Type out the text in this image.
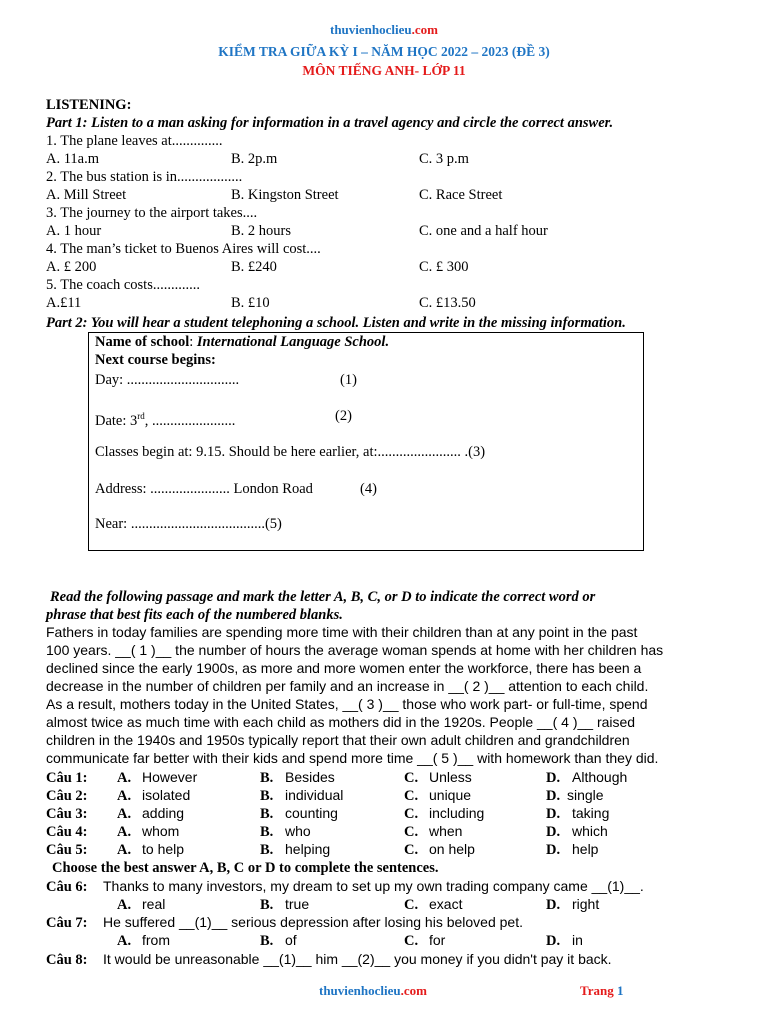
thuvienhoclieu.com
KIỂM TRA GIỮA KỲ I – NĂM HỌC 2022 – 2023 (ĐỀ 3)
MÔN TIẾNG ANH- LỚP 11
LISTENING:
Part 1: Listen to a man asking for information in a travel agency and circle the correct answer.
1. The plane leaves at..............
A. 11a.m	B. 2p.m	C. 3 p.m
2. The bus station is in..................
A. Mill Street	B. Kingston Street	C. Race Street
3. The journey to the airport takes....
A. 1 hour	B. 2 hours	C. one and a half hour
4. The man’s ticket to Buenos Aires will cost....
A. £ 200	B. £240	C. £ 300
5. The coach costs.............
A.£11	B. £10	C. £13.50
Part 2: You will hear a student telephoning a school. Listen and write in the missing information.
Name of school: International Language School.
Next course begins:
Day: ...............................	(1)
Date: 3rd, .......................	(2)
Classes begin at: 9.15. Should be here earlier, at:....................... .(3)
Address: ...................... London Road	(4)
Near: .....................................(5)
Read the following passage and mark the letter A, B, C, or D to indicate the correct word or
phrase that best fits each of the numbered blanks.
Fathers in today families are spending more time with their children than at any point in the past
100 years. __( 1 )__ the number of hours the average woman spends at home with her children has
declined since the early 1900s, as more and more women enter the workforce, there has been a
decrease in the number of children per family and an increase in __( 2 )__ attention to each child.
As a result, mothers today in the United States, __( 3 )__ those who work part- or full-time, spend
almost twice as much time with each child as mothers did in the 1920s. People __( 4 )__ raised
children in the 1940s and 1950s typically report that their own adult children and grandchildren
communicate far better with their kids and spend more time __( 5 )__ with homework than they did.
Câu 1: A. However	B. Besides	C. Unless	D. Although
Câu 2: A. isolated	B. individual	C. unique	D. single
Câu 3: A. adding	B. counting	C. including	D. taking
Câu 4: A. whom	B. who	C. when	D. which
Câu 5: A. to help	B. helping	C. on help	D. help
Choose the best answer A, B, C or D to complete the sentences.
Câu 6: Thanks to many investors, my dream to set up my own trading company came __(1)__.
A. real	B. true	C. exact	D. right
Câu 7: He suffered __(1)__ serious depression after losing his beloved pet.
A. from	B. of	C. for	D. in
Câu 8: It would be unreasonable __(1)__ him __(2)__ you money if you didn't pay it back.
thuvienhoclieu.com	Trang 1
